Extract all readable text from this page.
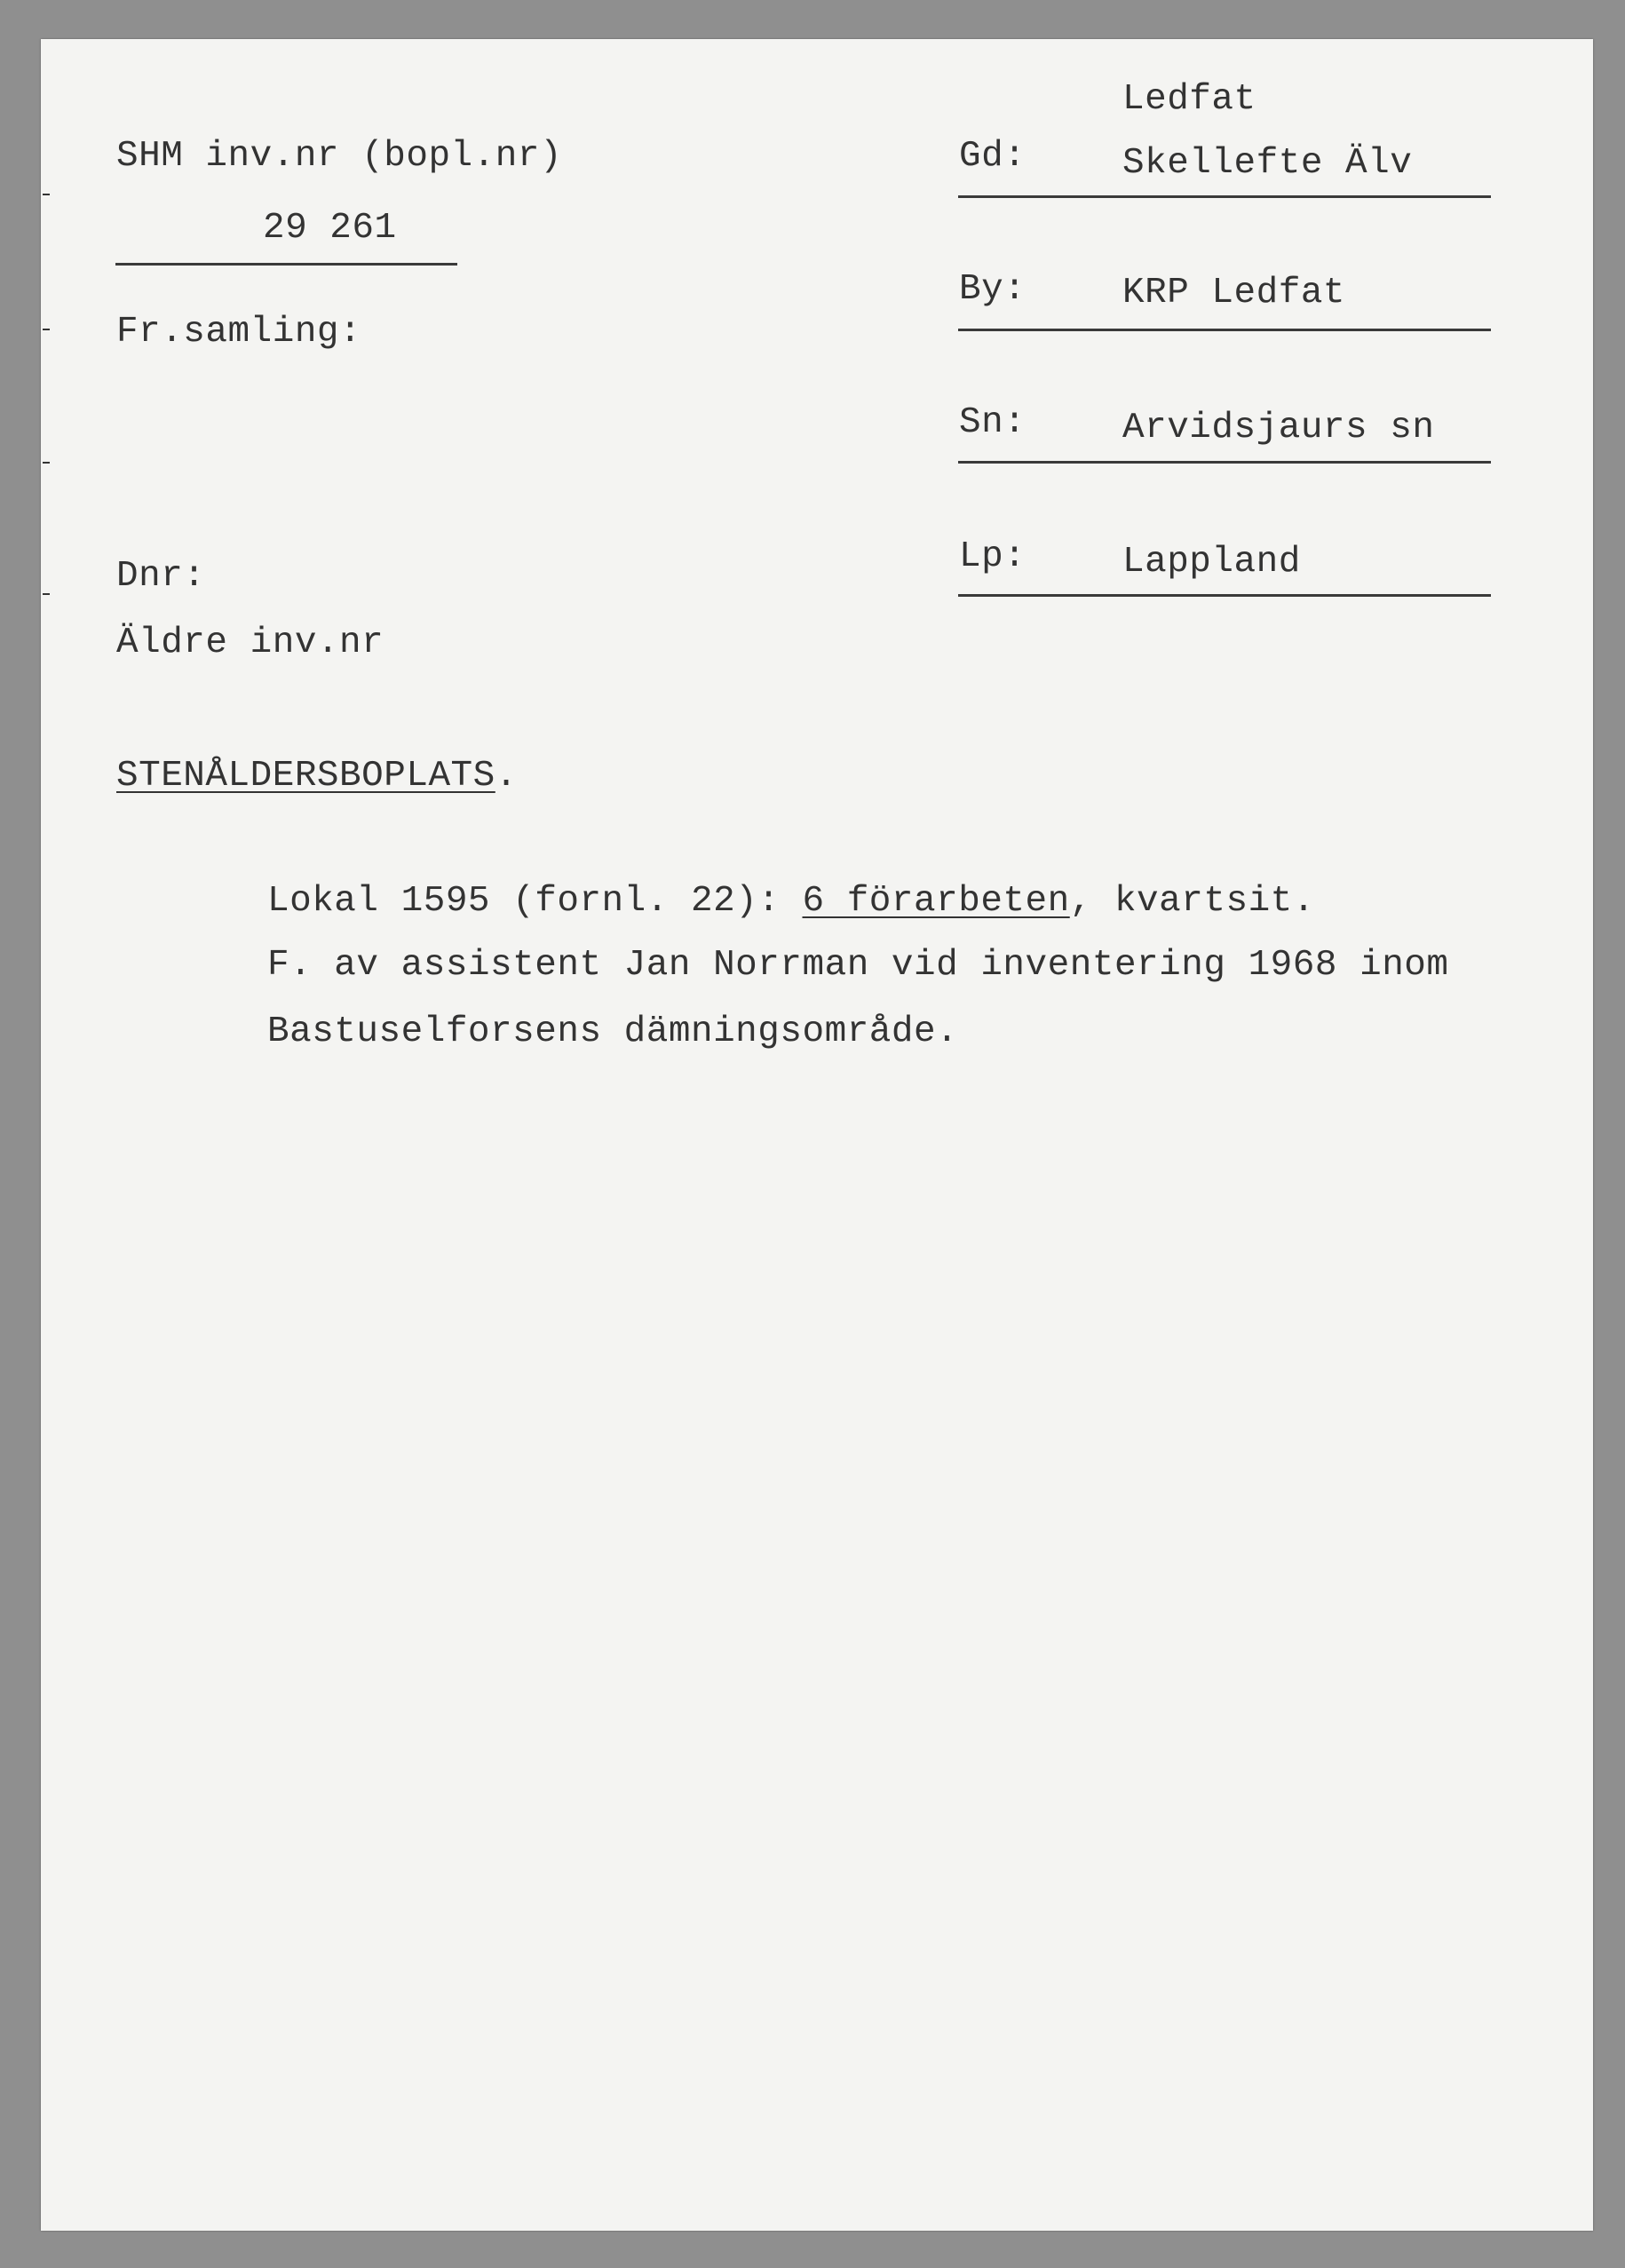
SHM inv.nr (bopl.nr)
29 261
Fr.samling:
Dnr:
Äldre inv.nr
Ledfat
Gd:	Skellefte Älv
By:	KRP Ledfat
Sn:	Arvidsjaurs sn
Lp:	Lappland
STENÅLDERSBOPLATS.
Lokal 1595 (fornl. 22): 6 förarbeten, kvartsit.
F. av assistent Jan Norrman vid inventering 1968 inom
Bastuselforsens dämningsområde.
